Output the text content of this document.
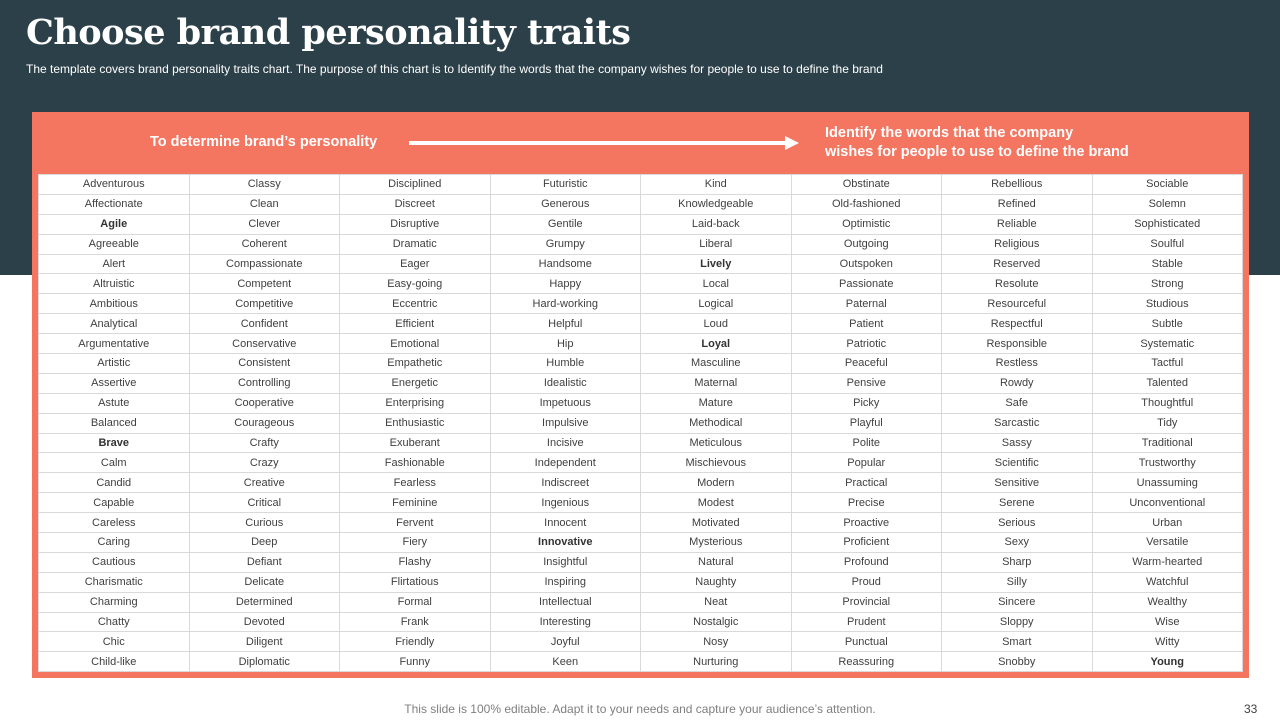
Choose brand personality traits
The template covers brand personality traits chart. The purpose of this chart is to Identify the words that the company wishes for people to use to define the brand
To determine brand’s personality
Identify the words that the company
wishes for people to use to define the brand
Adventurous	Classy	Disciplined	Futuristic	Kind	Obstinate	Rebellious	Sociable
Affectionate	Clean	Discreet	Generous	Knowledgeable	Old-fashioned	Refined	Solemn
Agile	Clever	Disruptive	Gentile	Laid-back	Optimistic	Reliable	Sophisticated
Agreeable	Coherent	Dramatic	Grumpy	Liberal	Outgoing	Religious	Soulful
Alert	Compassionate	Eager	Handsome	Lively	Outspoken	Reserved	Stable
Altruistic	Competent	Easy-going	Happy	Local	Passionate	Resolute	Strong
Ambitious	Competitive	Eccentric	Hard-working	Logical	Paternal	Resourceful	Studious
Analytical	Confident	Efficient	Helpful	Loud	Patient	Respectful	Subtle
Argumentative	Conservative	Emotional	Hip	Loyal	Patriotic	Responsible	Systematic
Artistic	Consistent	Empathetic	Humble	Masculine	Peaceful	Restless	Tactful
Assertive	Controlling	Energetic	Idealistic	Maternal	Pensive	Rowdy	Talented
Astute	Cooperative	Enterprising	Impetuous	Mature	Picky	Safe	Thoughtful
Balanced	Courageous	Enthusiastic	Impulsive	Methodical	Playful	Sarcastic	Tidy
Brave	Crafty	Exuberant	Incisive	Meticulous	Polite	Sassy	Traditional
Calm	Crazy	Fashionable	Independent	Mischievous	Popular	Scientific	Trustworthy
Candid	Creative	Fearless	Indiscreet	Modern	Practical	Sensitive	Unassuming
Capable	Critical	Feminine	Ingenious	Modest	Precise	Serene	Unconventional
Careless	Curious	Fervent	Innocent	Motivated	Proactive	Serious	Urban
Caring	Deep	Fiery	Innovative	Mysterious	Proficient	Sexy	Versatile
Cautious	Defiant	Flashy	Insightful	Natural	Profound	Sharp	Warm-hearted
Charismatic	Delicate	Flirtatious	Inspiring	Naughty	Proud	Silly	Watchful
Charming	Determined	Formal	Intellectual	Neat	Provincial	Sincere	Wealthy
Chatty	Devoted	Frank	Interesting	Nostalgic	Prudent	Sloppy	Wise
Chic	Diligent	Friendly	Joyful	Nosy	Punctual	Smart	Witty
Child-like	Diplomatic	Funny	Keen	Nurturing	Reassuring	Snobby	Young
This slide is 100% editable. Adapt it to your needs and capture your audience’s attention.	33
